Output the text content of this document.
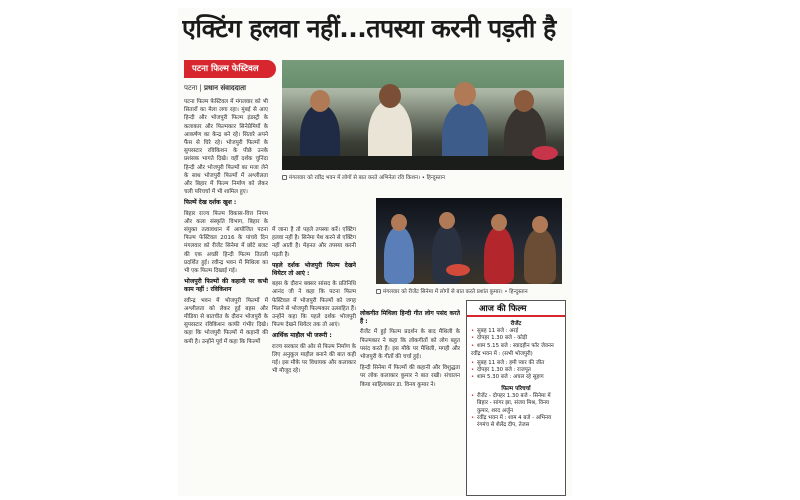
एक्टिंग हलवा नहीं...तपस्या करनी पड़ती है
पटना फिल्म फेस्टिवल
पटना | प्रधान संवाददाता

पटना फिल्म फेस्टिवल में मंगलवार को भी सितारों का मेला लगा रहा। मुंबई से आए हिन्दी और भोजपुरी फिल्म इंडस्ट्री के कलाकार और फिल्मकार सिनेप्रेमियों के आकर्षण का केन्द्र बने रहे। सितारे अपने फैंस से घिरे रहे। भोजपुरी फिल्मों के सुपरस्टार रविकिशन के पीछे उनके प्रशंसक भागते दिखे। वहीं दर्शक चुनिंदा हिन्दी और भोजपुरी फिल्मों का मजा लेने के साथ भोजपुरी फिल्मों में अश्लीलता और बिहार में फिल्म निर्माण को लेकर चली परिचर्चा में भी शामिल हुए।

फिल्में देख दर्शक खुश :

बिहार राज्य फिल्म विकास-वित्त निगम और कला संस्कृति विभाग, बिहार के संयुक्त तत्वावधान में आयोजित पटना फिल्म फेस्टिवल 2016 के पांचवे दिन मंगलवार को रीजेंट सिनेमा में छोटे बजट की एक अच्छी हिन्दी फिल्म तितली प्रदर्शित हुई। रवीन्द्र भवन में मिथिला का भी एक फिल्म दिखाई गई।

भोजपुरी फिल्मों की कहानी पर कभी काम नहीं : रविकिशन

रवीन्द्र भवन में भोजपुरी फिल्मों में अश्लीलता को लेकर हुई बहस और मीडिया से बातचीत के दौरान भोजपुरी के सुपरस्टार रविकिशन काफी गंभीर दिखे। कहा कि भोजपुरी फिल्मों में कहानी की कमी है। उन्होंने पूर्व में कहा कि फिल्मों

में जाना है तो पहले तपस्या करें। एक्टिंग हलवा नहीं है। सिनेमा पेश करने से एक्टिंग नहीं आती है। मेहनत और तपस्या करनी पड़ती है।

पहले दर्शक भोजपुरी फिल्म देखने थियेटर तो आएं :

बहस के दौरान बक्सर सांसद के प्रतिनिधि आनंद जी ने कहा कि पटना फिल्म फेस्टिवल में भोजपुरी फिल्मों को जगह मिलने से भोजपुरी फिल्मकार उत्साहित हैं। उन्होंने कहा कि पहले दर्शक भोजपुरी फिल्म देखने थियेटर तक तो आएं।

आर्थिक माहौल भी जरूरी :

राज्य सरकार की ओर से फिल्म निर्माण के लिए अनुकूल माहौल बनाने की बात कही गई। इस मौके पर विधायक और कलाकार भी मौजूद रहे।

लोकगीत मिथिला हिन्दी गीत लोग पसंद करते हैं :

रीजेंट में हुई फिल्म प्रदर्शन के बाद मैथिली के फिल्मकार ने कहा कि लोकगीतों को लोग बहुत पसंद करते हैं। इस मौके पर मैथिली, मगही और भोजपुरी के गीतों की चर्चा हुई।

हिन्दी सिनेमा में फिल्मों की कहानी और विशुद्धता पर लोक कलाकार कुमार ने बात रखी। संचालन किया साहित्यकार डा. विनय कुमार ने।

मंगलवार को रवींद्र भवन में लोगों से बात करते अभिनेता रवि किशन। • हिन्दुस्तान
मंगलवार को रीजेंट सिनेमा में लोगों से बात करते प्रशांत कुमार। • हिन्दुस्तान
आज की फिल्म
रीजेंट
• सुबह 11 बजे : अरई
• दोपहर 1.30 बजे - कोड़ी
• शाम 5.15 बजे : स्वादहीन फॉर जेवनन
रवींद्र भवन में : (सभी भोजपुरी)
• सुबह 11 बजे : हमी प्यार की जीत
• दोपहर 1.30 बजे : राजपूत
• शाम 5.30 बजे : अचल रहे सुहाग
फिल्म परिचर्चा
• रीजेंट - दोपहर 1.30 बजे - सिनेमा में बिहार - सांगर झा, संजय मिश्र, विनय कुमार, शरद अर्जुन
• रवींद्र भवन में : शाम 4 बजे - अभिनय रंगमंच से शैलेंद्र दीप, तेजस
